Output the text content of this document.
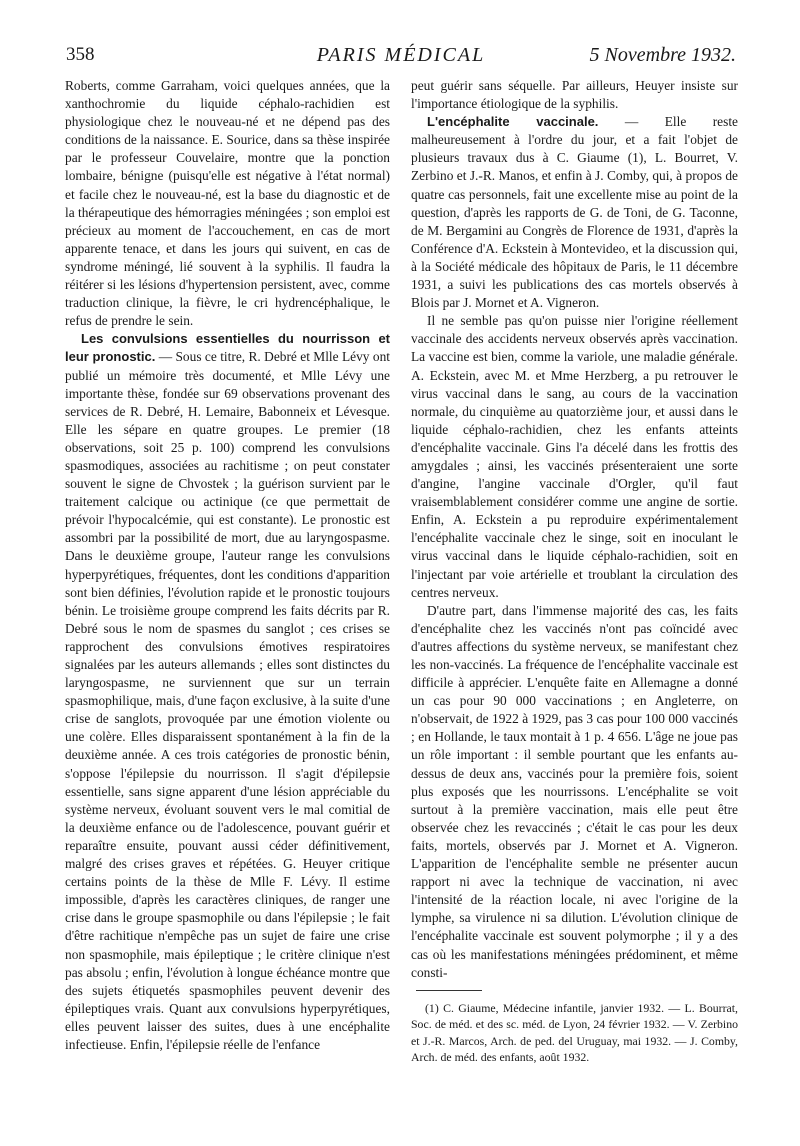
358	PARIS MÉDICAL	5 Novembre 1932.

Roberts, comme Garraham, voici quelques années, que la xanthochromie du liquide céphalo-rachidien est physiologique chez le nouveau-né et ne dépend pas des conditions de la naissance. E. Sourice, dans sa thèse inspirée par le professeur Couvelaire, montre que la ponction lombaire, bénigne (puisqu'elle est négative à l'état normal) et facile chez le nouveau-né, est la base du diagnostic et de la thérapeutique des hémorragies méningées ; son emploi est précieux au moment de l'accouchement, en cas de mort apparente tenace, et dans les jours qui suivent, en cas de syndrome méningé, lié souvent à la syphilis. Il faudra la réitérer si les lésions d'hypertension persistent, avec, comme traduction clinique, la fièvre, le cri hydrencéphalique, le refus de prendre le sein.

Les convulsions essentielles du nourrisson et leur pronostic. — Sous ce titre, R. Debré et Mlle Lévy ont publié un mémoire très documenté, et Mlle Lévy une importante thèse, fondée sur 69 observations provenant des services de R. Debré, H. Lemaire, Babonneix et Lévesque. Elle les sépare en quatre groupes. Le premier (18 observations, soit 25 p. 100) comprend les convulsions spasmodiques, associées au rachitisme ; on peut constater souvent le signe de Chvostek ; la guérison survient par le traitement calcique ou actinique (ce que permettait de prévoir l'hypocalcémie, qui est constante). Le pronostic est assombri par la possibilité de mort, due au laryngospasme. Dans le deuxième groupe, l'auteur range les convulsions hyperpyrétiques, fréquentes, dont les conditions d'apparition sont bien définies, l'évolution rapide et le pronostic toujours bénin. Le troisième groupe comprend les faits décrits par R. Debré sous le nom de spasmes du sanglot ; ces crises se rapprochent des convulsions émotives respiratoires signalées par les auteurs allemands ; elles sont distinctes du laryngospasme, ne surviennent que sur un terrain spasmophilique, mais, d'une façon exclusive, à la suite d'une crise de sanglots, provoquée par une émotion violente ou une colère. Elles disparaissent spontanément à la fin de la deuxième année. A ces trois catégories de pronostic bénin, s'oppose l'épilepsie du nourrisson. Il s'agit d'épilepsie essentielle, sans signe apparent d'une lésion appréciable du système nerveux, évoluant souvent vers le mal comitial de la deuxième enfance ou de l'adolescence, pouvant guérir et reparaître ensuite, pouvant aussi céder définitivement, malgré des crises graves et répétées. G. Heuyer critique certains points de la thèse de Mlle F. Lévy. Il estime impossible, d'après les caractères cliniques, de ranger une crise dans le groupe spasmophile ou dans l'épilepsie ; le fait d'être rachitique n'empêche pas un sujet de faire une crise non spasmophile, mais épileptique ; le critère clinique n'est pas absolu ; enfin, l'évolution à longue échéance montre que des sujets étiquetés spasmophiles peuvent devenir des épileptiques vrais. Quant aux convulsions hyperpyrétiques, elles peuvent laisser des suites, dues à une encéphalite infectieuse. Enfin, l'épilepsie réelle de l'enfance

peut guérir sans séquelle. Par ailleurs, Heuyer insiste sur l'importance étiologique de la syphilis.

L'encéphalite vaccinale. — Elle reste malheureusement à l'ordre du jour, et a fait l'objet de plusieurs travaux dus à C. Giaume (1), L. Bourret, V. Zerbino et J.-R. Manos, et enfin à J. Comby, qui, à propos de quatre cas personnels, fait une excellente mise au point de la question, d'après les rapports de G. de Toni, de G. Taconne, de M. Bergamini au Congrès de Florence de 1931, d'après la Conférence d'A. Eckstein à Montevideo, et la discussion qui, à la Société médicale des hôpitaux de Paris, le 11 décembre 1931, a suivi les publications des cas mortels observés à Blois par J. Mornet et A. Vigneron.

Il ne semble pas qu'on puisse nier l'origine réellement vaccinale des accidents nerveux observés après vaccination. La vaccine est bien, comme la variole, une maladie générale. A. Eckstein, avec M. et Mme Herzberg, a pu retrouver le virus vaccinal dans le sang, au cours de la vaccination normale, du cinquième au quatorzième jour, et aussi dans le liquide céphalo-rachidien, chez les enfants atteints d'encéphalite vaccinale. Gins l'a décelé dans les frottis des amygdales ; ainsi, les vaccinés présenteraient une sorte d'angine, l'angine vaccinale d'Orgler, qu'il faut vraisemblablement considérer comme une angine de sortie. Enfin, A. Eckstein a pu reproduire expérimentalement l'encéphalite vaccinale chez le singe, soit en inoculant le virus vaccinal dans le liquide céphalo-rachidien, soit en l'injectant par voie artérielle et troublant la circulation des centres nerveux.

D'autre part, dans l'immense majorité des cas, les faits d'encéphalite chez les vaccinés n'ont pas coïncidé avec d'autres affections du système nerveux, se manifestant chez les non-vaccinés. La fréquence de l'encéphalite vaccinale est difficile à apprécier. L'enquête faite en Allemagne a donné un cas pour 90 000 vaccinations ; en Angleterre, on n'observait, de 1922 à 1929, pas 3 cas pour 100 000 vaccinés ; en Hollande, le taux montait à 1 p. 4 656. L'âge ne joue pas un rôle important : il semble pourtant que les enfants au-dessus de deux ans, vaccinés pour la première fois, soient plus exposés que les nourrissons. L'encéphalite se voit surtout à la première vaccination, mais elle peut être observée chez les revaccinés ; c'était le cas pour les deux faits, mortels, observés par J. Mornet et A. Vigneron. L'apparition de l'encéphalite semble ne présenter aucun rapport ni avec la technique de vaccination, ni avec l'intensité de la réaction locale, ni avec l'origine de la lymphe, sa virulence ni sa dilution. L'évolution clinique de l'encéphalite vaccinale est souvent polymorphe ; il y a des cas où les manifestations méningées prédominent, et même consti-

(1) C. Giaume, Médecine infantile, janvier 1932. — L. Bourrat, Soc. de méd. et des sc. méd. de Lyon, 24 février 1932. — V. Zerbino et J.-R. Marcos, Arch. de ped. del Uruguay, mai 1932. — J. Comby, Arch. de méd. des enfants, août 1932.
